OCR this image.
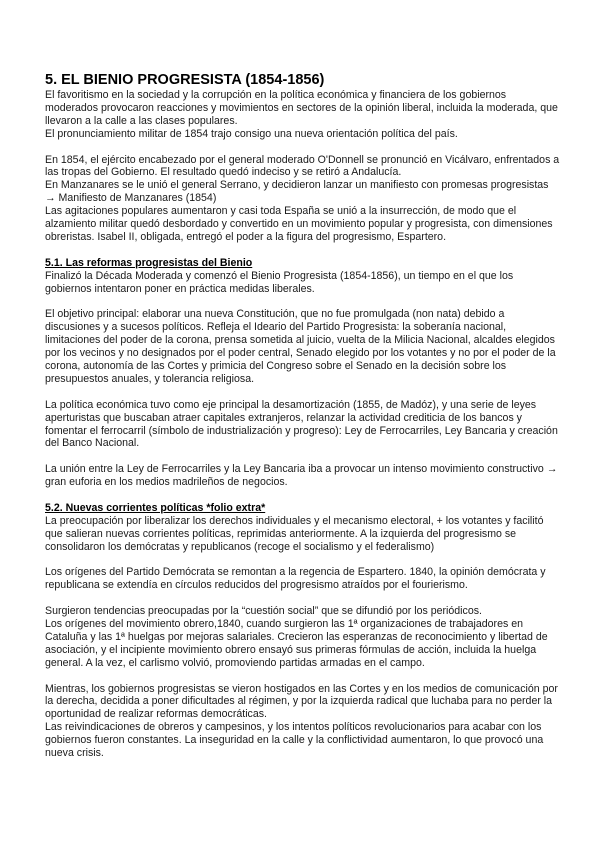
5. EL BIENIO PROGRESISTA (1854-1856)

El favoritismo en la sociedad y la corrupción en la política económica y financiera de los gobiernos moderados provocaron reacciones y movimientos en sectores de la opinión liberal, incluida la moderada, que llevaron a la calle a las clases populares.

El pronunciamiento militar de 1854 trajo consigo una nueva orientación política del país.

En 1854, el ejército encabezado por el general moderado O'Donnell se pronunció en Vicálvaro, enfrentados a las tropas del Gobierno. El resultado quedó indeciso y se retiró a Andalucía.

En Manzanares se le unió el general Serrano, y decidieron lanzar un manifiesto con promesas progresistas → Manifiesto de Manzanares (1854)

Las agitaciones populares aumentaron y casi toda España se unió a la insurrección, de modo que el alzamiento militar quedó desbordado y convertido en un movimiento popular y progresista, con dimensiones obreristas. Isabel II, obligada, entregó el poder a la figura del progresismo, Espartero.

5.1. Las reformas progresistas del Bienio

Finalizó la Década Moderada y comenzó el Bienio Progresista (1854-1856), un tiempo en el que los gobiernos intentaron poner en práctica medidas liberales.

El objetivo principal: elaborar una nueva Constitución, que no fue promulgada (non nata) debido a discusiones y a sucesos políticos. Refleja el Ideario del Partido Progresista: la soberanía nacional, limitaciones del poder de la corona, prensa sometida al juicio, vuelta de la Milicia Nacional, alcaldes elegidos por los vecinos y no designados por el poder central, Senado elegido por los votantes y no por el poder de la corona, autonomía de las Cortes y primicia del Congreso sobre el Senado en la decisión sobre los presupuestos anuales, y tolerancia religiosa.

La política económica tuvo como eje principal la desamortización (1855, de Madóz), y una serie de leyes aperturistas que buscaban atraer capitales extranjeros, relanzar la actividad crediticia de los bancos y fomentar el ferrocarril (símbolo de industrialización y progreso): Ley de Ferrocarriles, Ley Bancaria y creación del Banco Nacional.

La unión entre la Ley de Ferrocarriles y la Ley Bancaria iba a provocar un intenso movimiento constructivo → gran euforia en los medios madrileños de negocios.

5.2. Nuevas corrientes políticas *folio extra*

La preocupación por liberalizar los derechos individuales y el mecanismo electoral, + los votantes y facilitó que salieran nuevas corrientes políticas, reprimidas anteriormente. A la izquierda del progresismo se consolidaron los demócratas y republicanos (recoge el socialismo y el federalismo)

Los orígenes del Partido Demócrata se remontan a la regencia de Espartero. 1840, la opinión demócrata y republicana se extendía en círculos reducidos del progresismo atraídos por el fourierismo.

Surgieron tendencias preocupadas por la “cuestión social” que se difundió por los periódicos.

Los orígenes del movimiento obrero,1840, cuando surgieron las 1ª organizaciones de trabajadores en Cataluña y las 1ª huelgas por mejoras salariales. Crecieron las esperanzas de reconocimiento y libertad de asociación, y el incipiente movimiento obrero ensayó sus primeras fórmulas de acción, incluida la huelga general. A la vez, el carlismo volvió, promoviendo partidas armadas en el campo.

Mientras, los gobiernos progresistas se vieron hostigados en las Cortes y en los medios de comunicación por la derecha, decidida a poner dificultades al régimen, y por la izquierda radical que luchaba para no perder la oportunidad de realizar reformas democráticas.

Las reivindicaciones de obreros y campesinos, y los intentos políticos revolucionarios para acabar con los gobiernos fueron constantes. La inseguridad en la calle y la conflictividad aumentaron, lo que provocó una nueva crisis.
